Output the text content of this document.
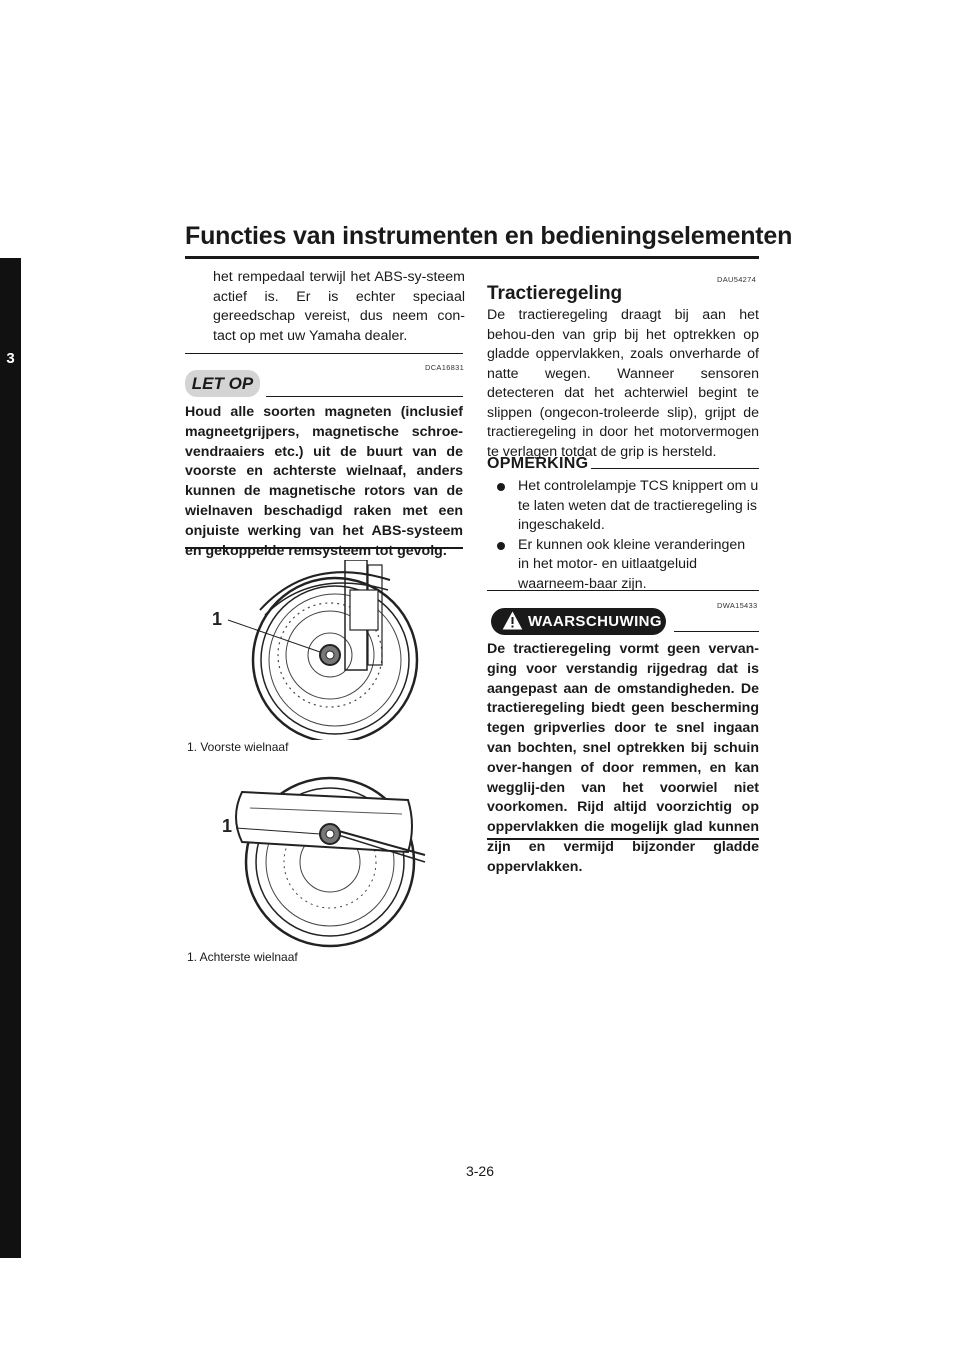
Functies van instrumenten en bedieningselementen
3

het rempedaal terwijl het ABS-sy-steem actief is. Er is echter speciaal gereedschap vereist, dus neem con-tact op met uw Yamaha dealer.

DCA16831
LET OP

Houd alle soorten magneten (inclusief magneetgrijpers, magnetische schroe-vendraaiers etc.) uit de buurt van de voorste en achterste wielnaaf, anders kunnen de magnetische rotors van de wielnaven beschadigd raken met een onjuiste werking van het ABS-systeem en gekoppelde remsysteem tot gevolg.

1
1. Voorste wielnaaf
1
1. Achterste wielnaaf
DAU54274
Tractieregeling

De tractieregeling draagt bij aan het behou-den van grip bij het optrekken op gladde oppervlakken, zoals onverharde of natte wegen. Wanneer sensoren detecteren dat het achterwiel begint te slippen (ongecon-troleerde slip), grijpt de tractieregeling in door het motorvermogen te verlagen totdat de grip is hersteld.

OPMERKING
Het controlelampje TCS knippert om u te laten weten dat de tractieregeling is ingeschakeld.
Er kunnen ook kleine veranderingen in het motor- en uitlaatgeluid waarneem-baar zijn.
DWA15433
WAARSCHUWING

De tractieregeling vormt geen vervan-ging voor verstandig rijgedrag dat is aangepast aan de omstandigheden. De tractieregeling biedt geen bescherming tegen gripverlies door te snel ingaan van bochten, snel optrekken bij schuin over-hangen of door remmen, en kan wegglij-den van het voorwiel niet voorkomen. Rijd altijd voorzichtig op oppervlakken die mogelijk glad kunnen zijn en vermijd bijzonder gladde oppervlakken.

3-26
